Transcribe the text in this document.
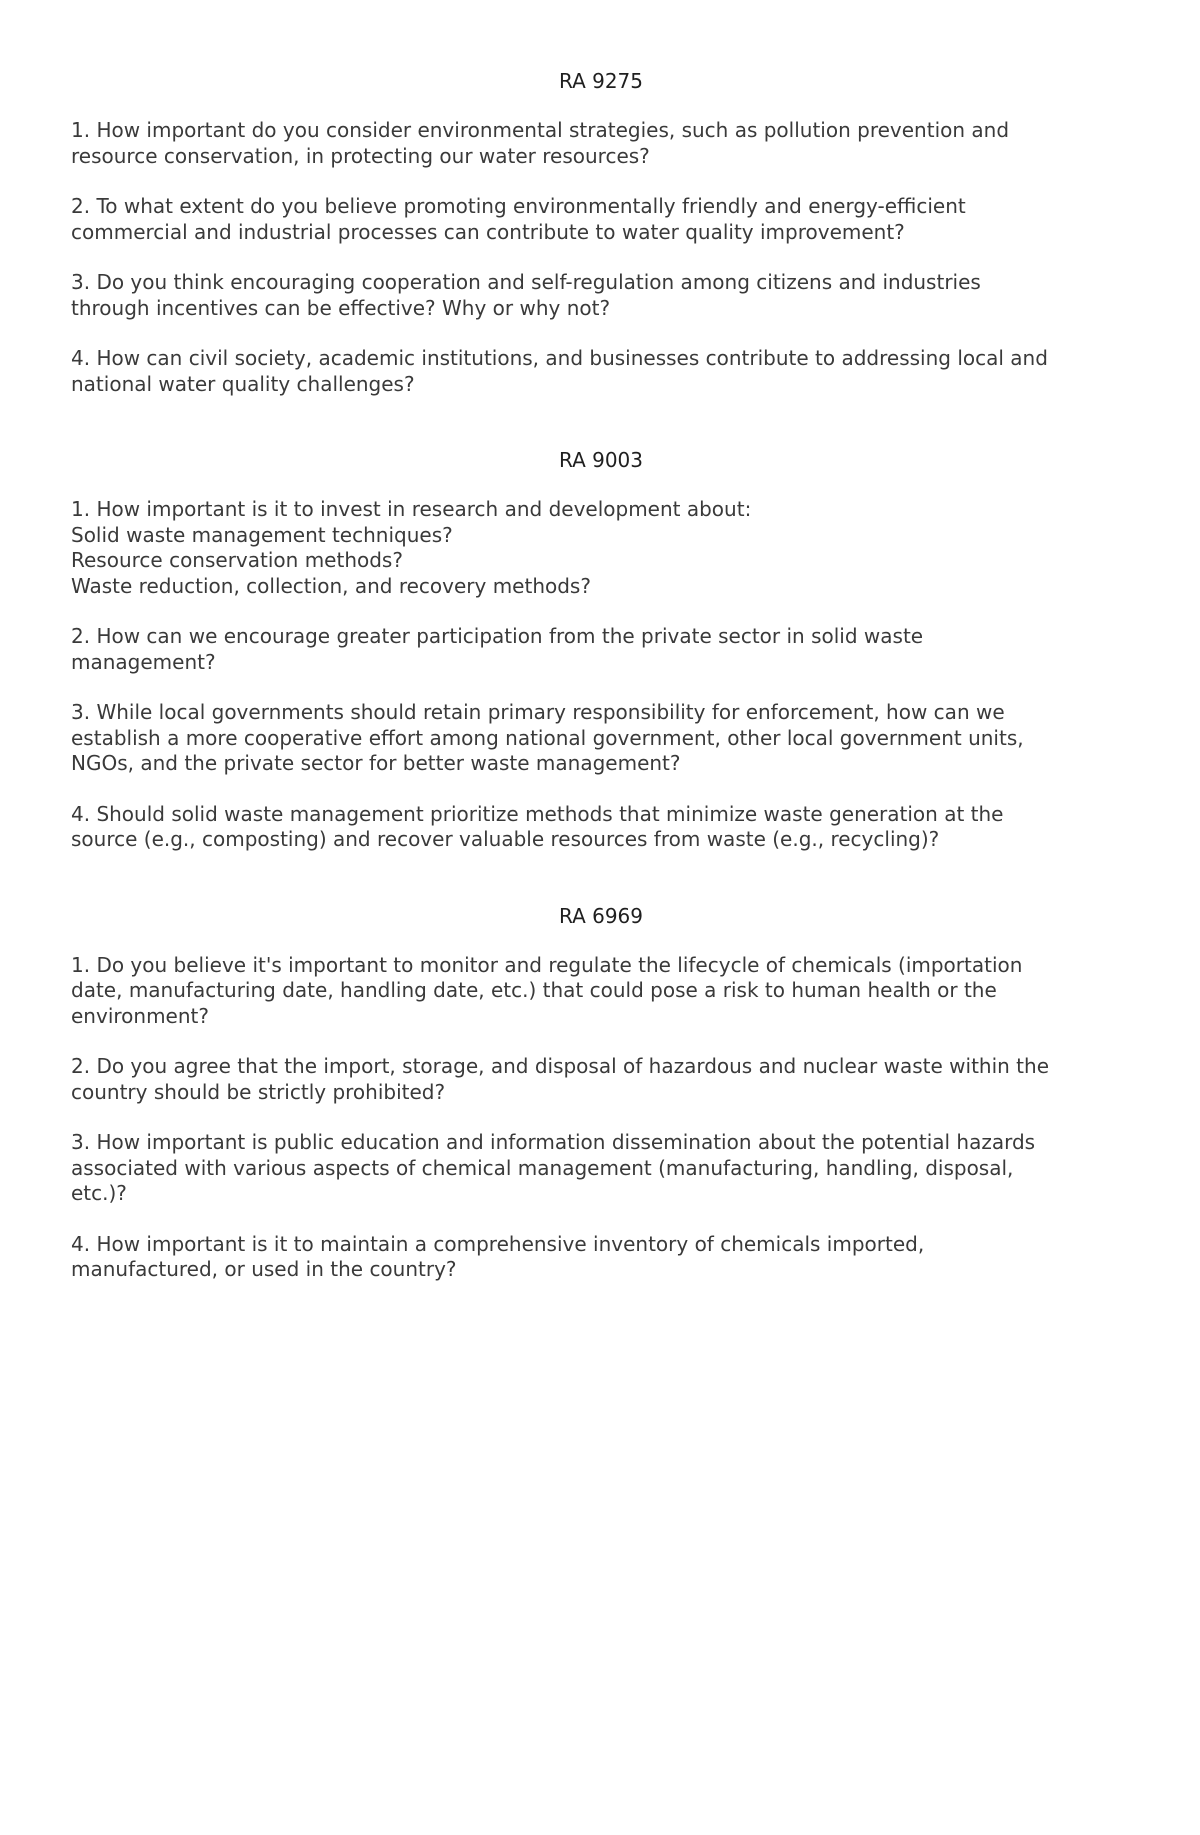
RA 9275
1. How important do you consider environmental strategies, such as pollution prevention and
resource conservation, in protecting our water resources?
2. To what extent do you believe promoting environmentally friendly and energy-efficient
commercial and industrial processes can contribute to water quality improvement?
3. Do you think encouraging cooperation and self-regulation among citizens and industries
through incentives can be effective? Why or why not?
4. How can civil society, academic institutions, and businesses contribute to addressing local and
national water quality challenges?
RA 9003
1. How important is it to invest in research and development about:
Solid waste management techniques?
Resource conservation methods?
Waste reduction, collection, and recovery methods?
2. How can we encourage greater participation from the private sector in solid waste
management?
3. While local governments should retain primary responsibility for enforcement, how can we
establish a more cooperative effort among national government, other local government units,
NGOs, and the private sector for better waste management?
4. Should solid waste management prioritize methods that minimize waste generation at the
source (e.g., composting) and recover valuable resources from waste (e.g., recycling)?
RA 6969
1. Do you believe it's important to monitor and regulate the lifecycle of chemicals (importation
date, manufacturing date, handling date, etc.) that could pose a risk to human health or the
environment?
2. Do you agree that the import, storage, and disposal of hazardous and nuclear waste within the
country should be strictly prohibited?
3. How important is public education and information dissemination about the potential hazards
associated with various aspects of chemical management (manufacturing, handling, disposal,
etc.)?
4. How important is it to maintain a comprehensive inventory of chemicals imported,
manufactured, or used in the country?
